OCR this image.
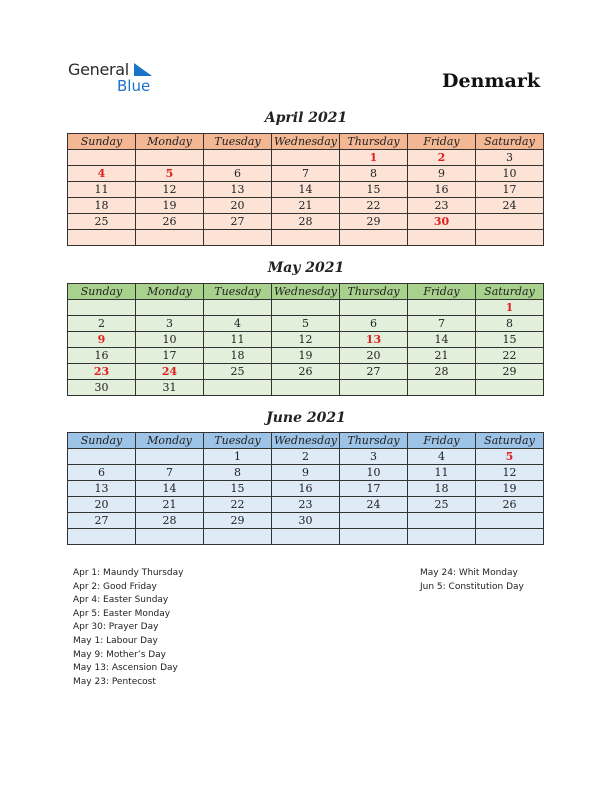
General
Blue	Denmark
April 2021
Sunday	Monday	Tuesday	Wednesday	Thursday	Friday	Saturday
				1	2	3
4	5	6	7	8	9	10
11	12	13	14	15	16	17
18	19	20	21	22	23	24
25	26	27	28	29	30	

May 2021
Sunday	Monday	Tuesday	Wednesday	Thursday	Friday	Saturday
						1
2	3	4	5	6	7	8
9	10	11	12	13	14	15
16	17	18	19	20	21	22
23	24	25	26	27	28	29
30	31					
June 2021
Sunday	Monday	Tuesday	Wednesday	Thursday	Friday	Saturday
		1	2	3	4	5
6	7	8	9	10	11	12
13	14	15	16	17	18	19
20	21	22	23	24	25	26
27	28	29	30			

Apr 1: Maundy Thursday
Apr 2: Good Friday
Apr 4: Easter Sunday
Apr 5: Easter Monday
Apr 30: Prayer Day
May 1: Labour Day
May 9: Mother’s Day
May 13: Ascension Day
May 23: Pentecost
May 24: Whit Monday
Jun 5: Constitution Day
